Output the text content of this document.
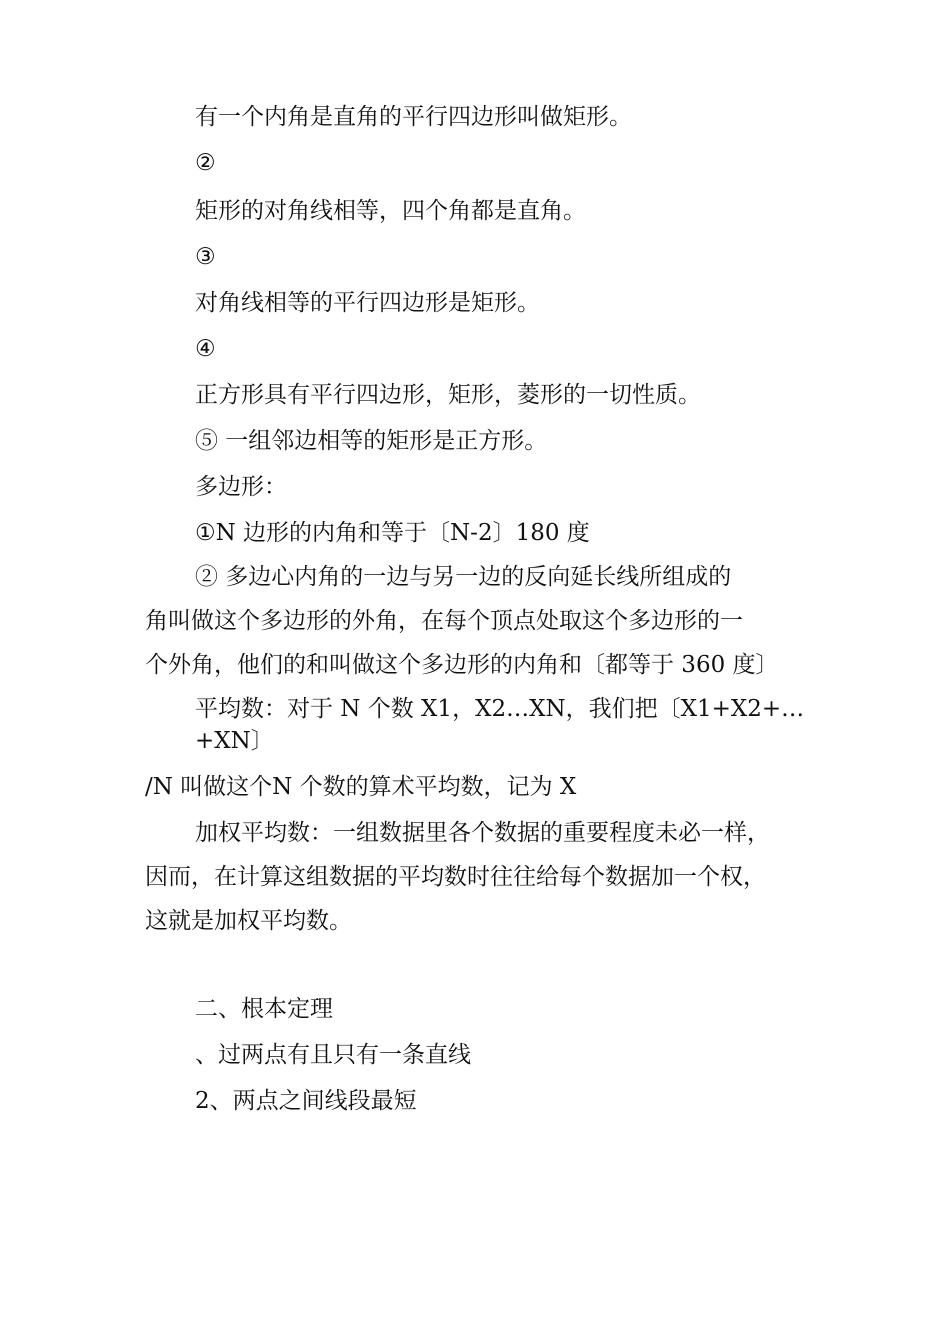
有一个内角是直角的平行四边形叫做矩形。
②
矩形的对角线相等，四个角都是直角。
③
对角线相等的平行四边形是矩形。
④
正方形具有平行四边形，矩形，菱形的一切性质。
⑤ 一组邻边相等的矩形是正方形。
多边形：
①N 边形的内角和等于〔N-2〕180 度
② 多边心内角的一边与另一边的反向延长线所组成的
角叫做这个多边形的外角，在每个顶点处取这个多边形的一
个外角，他们的和叫做这个多边形的内角和〔都等于 360 度〕
平均数：对于 N 个数 X1，X2…XN，我们把〔X1+X2+…
+XN〕
/N 叫做这个N 个数的算术平均数，记为 X
加权平均数：一组数据里各个数据的重要程度未必一样，
因而，在计算这组数据的平均数时往往给每个数据加一个权，
这就是加权平均数。
二、根本定理
、过两点有且只有一条直线
2、两点之间线段最短
